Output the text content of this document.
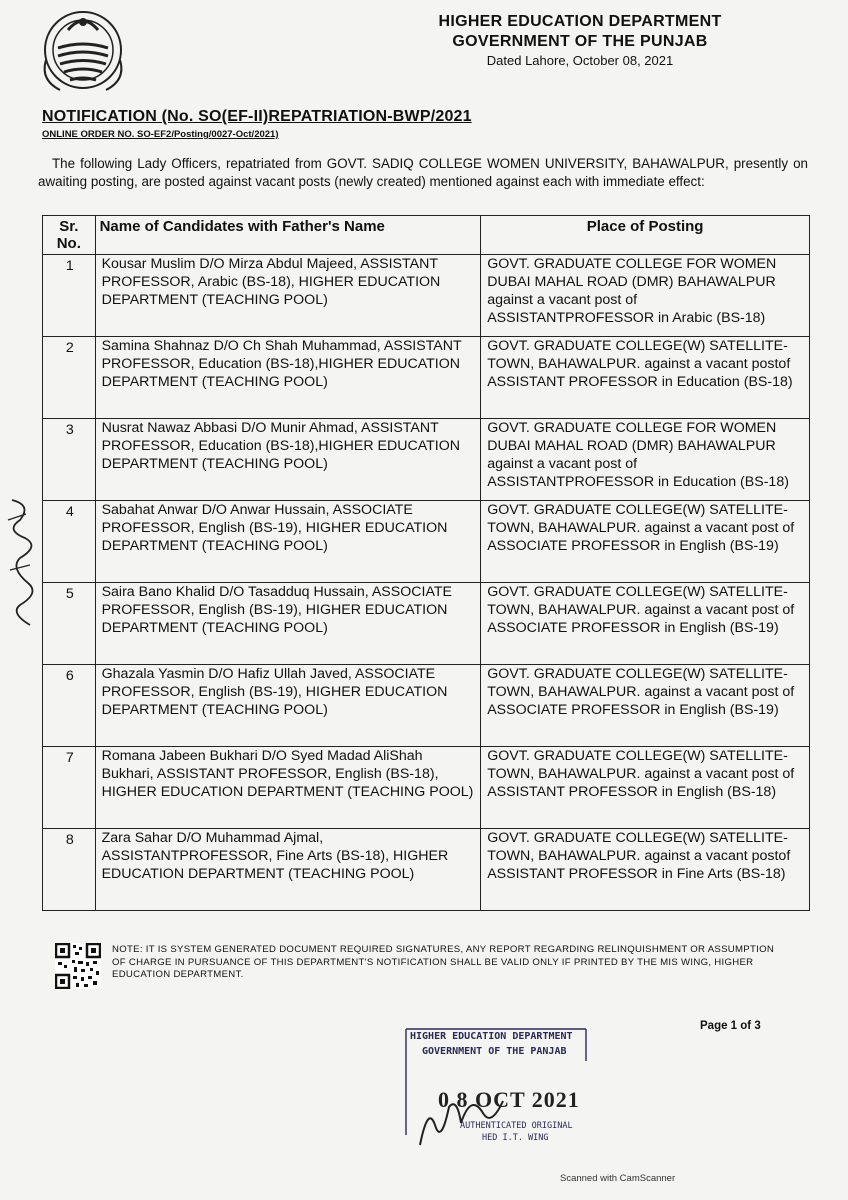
HIGHER EDUCATION DEPARTMENT
GOVERNMENT OF THE PUNJAB
Dated Lahore, October 08, 2021
NOTIFICATION (No. SO(EF-II)REPATRIATION-BWP/2021
ONLINE ORDER NO. SO-EF2/Posting/0027-Oct/2021)
The following Lady Officers, repatriated from GOVT. SADIQ COLLEGE WOMEN UNIVERSITY, BAHAWALPUR, presently on awaiting posting, are posted against vacant posts (newly created) mentioned against each with immediate effect:
Sr. No.	Name of Candidates with Father's Name	Place of Posting
1	Kousar Muslim D/O Mirza Abdul Majeed, ASSISTANT PROFESSOR, Arabic (BS-18), HIGHER EDUCATION DEPARTMENT (TEACHING POOL)	GOVT. GRADUATE COLLEGE FOR WOMEN DUBAI MAHAL ROAD (DMR) BAHAWALPUR against a vacant post of ASSISTANTPROFESSOR in Arabic (BS-18)
2	Samina Shahnaz D/O Ch Shah Muhammad, ASSISTANT PROFESSOR, Education (BS-18),HIGHER EDUCATION DEPARTMENT (TEACHING POOL)	GOVT. GRADUATE COLLEGE(W) SATELLITE-TOWN, BAHAWALPUR. against a vacant postof ASSISTANT PROFESSOR in Education (BS-18)
3	Nusrat Nawaz Abbasi D/O Munir Ahmad, ASSISTANT PROFESSOR, Education (BS-18),HIGHER EDUCATION DEPARTMENT (TEACHING POOL)	GOVT. GRADUATE COLLEGE FOR WOMEN DUBAI MAHAL ROAD (DMR) BAHAWALPUR against a vacant post of ASSISTANTPROFESSOR in Education (BS-18)
4	Sabahat Anwar D/O Anwar Hussain, ASSOCIATE PROFESSOR, English (BS-19), HIGHER EDUCATION DEPARTMENT (TEACHING POOL)	GOVT. GRADUATE COLLEGE(W) SATELLITE-TOWN, BAHAWALPUR. against a vacant post of ASSOCIATE PROFESSOR in English (BS-19)
5	Saira Bano Khalid D/O Tasadduq Hussain, ASSOCIATE PROFESSOR, English (BS-19), HIGHER EDUCATION DEPARTMENT (TEACHING POOL)	GOVT. GRADUATE COLLEGE(W) SATELLITE-TOWN, BAHAWALPUR. against a vacant post of ASSOCIATE PROFESSOR in English (BS-19)
6	Ghazala Yasmin D/O Hafiz Ullah Javed, ASSOCIATE PROFESSOR, English (BS-19), HIGHER EDUCATION DEPARTMENT (TEACHING POOL)	GOVT. GRADUATE COLLEGE(W) SATELLITE-TOWN, BAHAWALPUR. against a vacant post of ASSOCIATE PROFESSOR in English (BS-19)
7	Romana Jabeen Bukhari D/O Syed Madad AliShah Bukhari, ASSISTANT PROFESSOR, English (BS-18), HIGHER EDUCATION DEPARTMENT (TEACHING POOL)	GOVT. GRADUATE COLLEGE(W) SATELLITE-TOWN, BAHAWALPUR. against a vacant post of ASSISTANT PROFESSOR in English (BS-18)
8	Zara Sahar D/O Muhammad Ajmal, ASSISTANTPROFESSOR, Fine Arts (BS-18), HIGHER EDUCATION DEPARTMENT (TEACHING POOL)	GOVT. GRADUATE COLLEGE(W) SATELLITE-TOWN, BAHAWALPUR. against a vacant postof ASSISTANT PROFESSOR in Fine Arts (BS-18)
NOTE: IT IS SYSTEM GENERATED DOCUMENT REQUIRED SIGNATURES, ANY REPORT REGARDING RELINQUISHMENT OR ASSUMPTION OF CHARGE IN PURSUANCE OF THIS DEPARTMENT'S NOTIFICATION SHALL BE VALID ONLY IF PRINTED BY THE MIS WING, HIGHER EDUCATION DEPARTMENT.
Page 1 of 3
HIGHER EDUCATION DEPARTMENT
GOVERNMENT OF THE PANJAB
0 8 OCT 2021
AUTHENTICATED ORIGINAL
HED I.T. WING
Scanned with CamScanner
